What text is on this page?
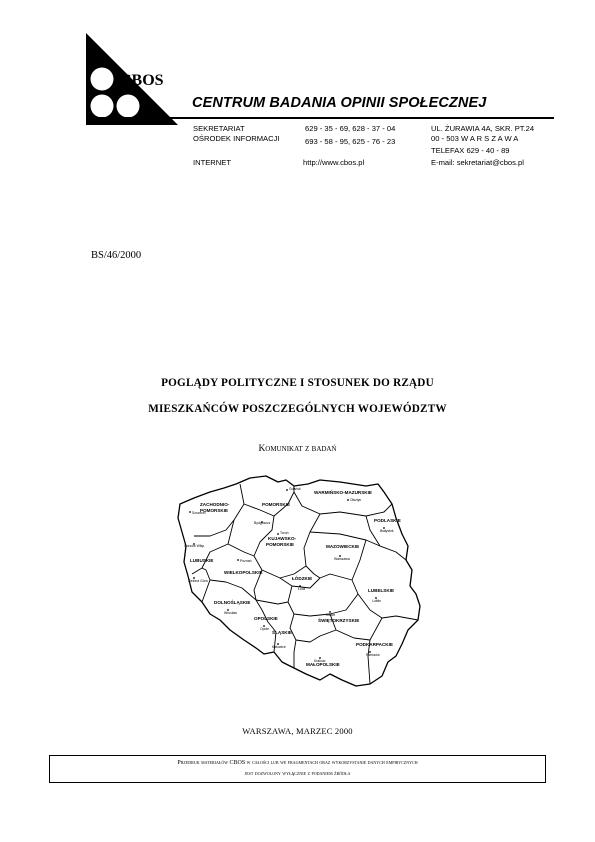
CBOS
CENTRUM BADANIA OPINII SPOŁECZNEJ
SEKRETARIAT	629 - 35 - 69, 628 - 37 - 04
OŚRODEK INFORMACJI	693 - 58 - 95, 625 - 76 - 23
INTERNET	http://www.cbos.pl
UL. ŻURAWIA 4A, SKR. PT.24
00 - 503 W A R S Z A W A
TELEFAX 629 - 40 - 89
E-mail: sekretariat@cbos.pl
BS/46/2000
POGLĄDY POLITYCZNE I STOSUNEK DO RZĄDU
MIESZKAŃCÓW POSZCZEGÓLNYCH WOJEWÓDZTW
Komunikat z badań
ZACHODNIO-
POMORSKIE
POMORSKIE
WARMIŃSKO-MAZURSKIE
PODLASKIE
KUJAWSKO-
POMORSKIE	MAZOWIECKIE
LUBUSKIE
WIELKOPOLSKIE
ŁÓDZKIE
LUBELSKIE
DOLNOŚLĄSKIE
OPOLSKIE	ŚWIĘTOKRZYSKIE
ŚLĄSKIE
PODKARPACKIE
MAŁOPOLSKIE
Gdańsk
Olsztyn
Szczecin
Białystok
Bydgoszcz
Toruń
Gorzów Wlkp.
Poznań	Warszawa
Zielona Góra
Łódź
Lublin
Wrocław	Kielce
Opole
Katowice
Rzeszów
Kraków
WARSZAWA, MARZEC 2000
Przedruk materiałów CBOS w całości lub we fragmentach oraz wykorzystanie danych empirycznych
jest dozwolony wyłącznie z podaniem źródła
